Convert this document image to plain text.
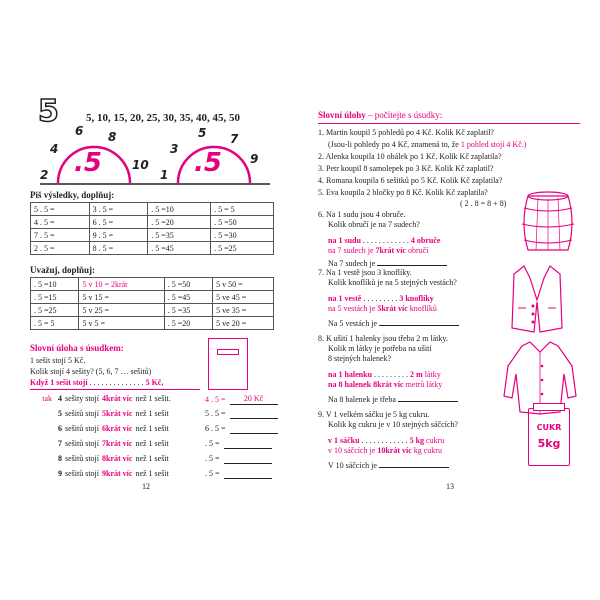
5 5, 10, 15, 20, 25, 30, 35, 40, 45, 50
.5	.5
2
4
6 8
10
1
3
5 7
9
Piš výsledky, doplňuj:
5 . 5 =	3 . 5 =	. 5 =10	. 5 = 5
4 . 5 =	6 . 5 =	. 5 =20	. 5 =50
7 . 5 =	9 . 5 =	. 5 =35	. 5 =30
2 . 5 =	8 . 5 =	. 5 =45	. 5 =25
Uvažuj, doplňuj:
. 5 =10	5 v 10 = 2krát	. 5 =50	5 v 50 =
. 5 =15	5 v 15 =	. 5 =45	5 ve 45 =
. 5 =25	5 v 25 =	. 5 =35	5 ve 35 =
. 5 = 5	5 v 5 =	. 5 =20	5 ve 20 =
Slovní úloha s úsudkem:
1 sešit stojí 5 Kč.
Kolik stojí 4 sešity? (5, 6, 7 … sešitů)
Když 1 sešit stojí . . . . . . . . . . . . . . 5 Kč,
tak 4 sešity stojí 4krát víc než 1 sešit.	4 . 5 = 20 Kč
5 sešitů stojí 5krát víc než 1 sešit	5 . 5 =
6 sešitů stojí 6krát víc než 1 sešit	6 . 5 =
7 sešitů stojí 7krát víc než 1 sešit	. 5 =
8 sešitů stojí 8krát víc než 1 sešit	. 5 =
9 sešitů stojí 9krát víc než 1 sešit	. 5 =
12
Slovní úlohy – počítejte s úsudky:
1. Martin koupil 5 pohledů po 4 Kč. Kolik Kč zaplatil?
(Jsou-li pohledy po 4 Kč, znamená to, že 1 pohled stojí 4 Kč.)
2. Alenka koupila 10 obálek po 1 Kč. Kolik Kč zaplatila?
3. Petr koupil 8 samolepek po 3 Kč. Kolik Kč zaplatil?
4. Romana koupila 6 sešitků po 5 Kč. Kolik Kč zaplatila?
5. Eva koupila 2 bločky po 8 Kč. Kolik Kč zaplatila?
( 2 . 8 = 8 + 8)
6. Na 1 sudu jsou 4 obruče.
Kolik obručí je na 7 sudech?
na 1 sudu . . . . . . . . . . . . 4 obruče
na 7 sudech je 7krát víc obručí
Na 7 sudech je
7. Na 1 vestě jsou 3 knoflíky.
Kolik knoflíků je na 5 stejných vestách?
na 1 vestě . . . . . . . . . 3 knoflíky
na 5 vestách je 5krát víc knoflíků
Na 5 vestách je
8. K ušití 1 halenky jsou třeba 2 m látky.
Kolik m látky je potřeba na ušití
8 stejných halenek?
na 1 halenku . . . . . . . . . 2 m látky
na 8 halenek 8krát víc metrů látky
Na 8 halenek je třeba
9. V 1 velkém sáčku je 5 kg cukru.
Kolik kg cukru je v 10 stejných sáčcích?
v 1 sáčku . . . . . . . . . . . . 5 kg cukru
v 10 sáčcích je 10krát víc kg cukru
V 10 sáčcích je
CUKR
5kg
13
